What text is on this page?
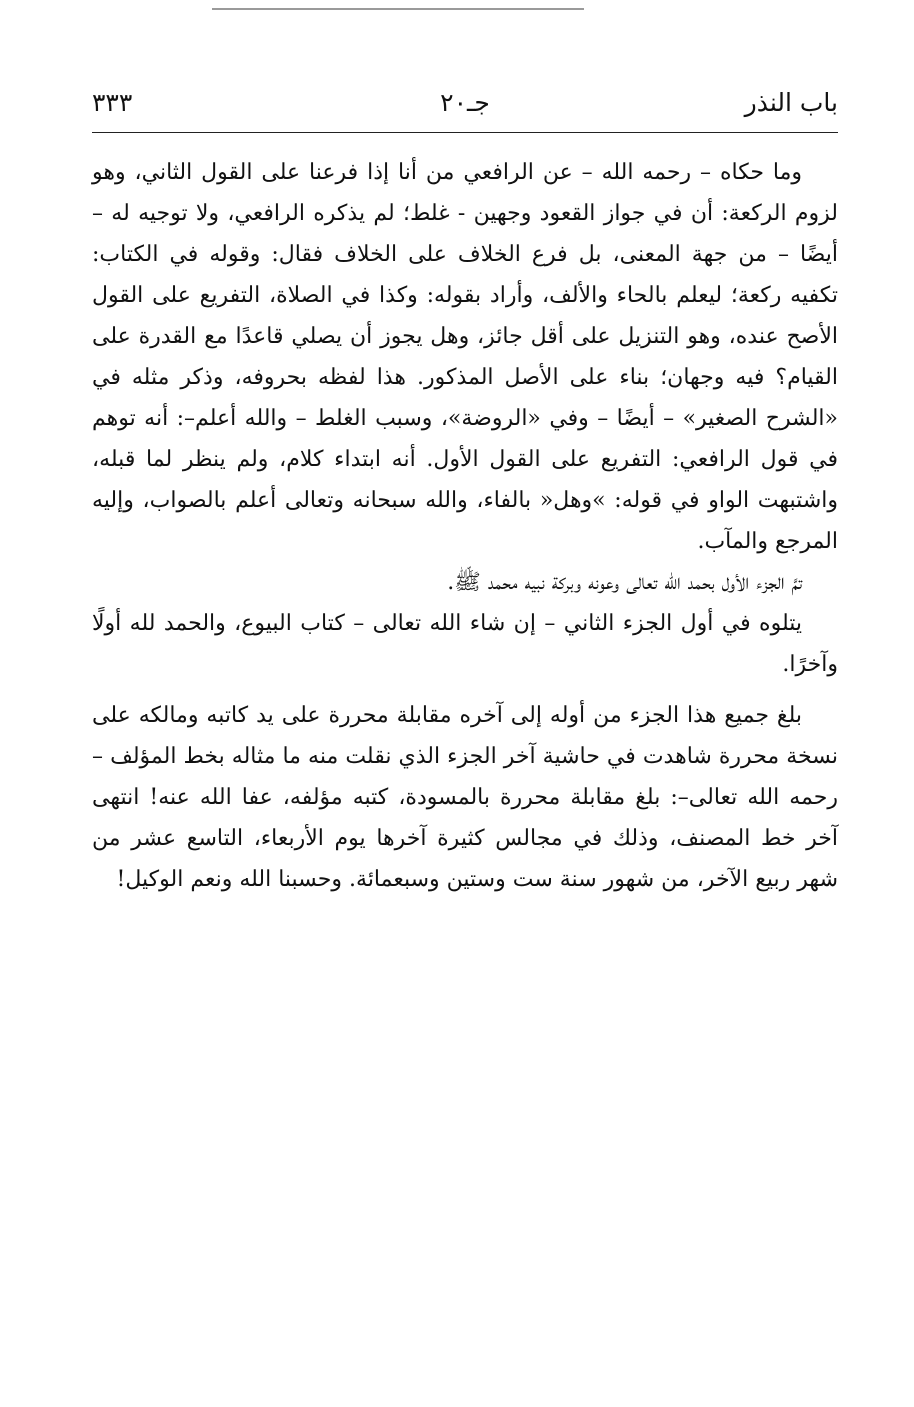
باب النذر
جـ٢٠
٣٣٣

وما حكاه – رحمه الله – عن الرافعي من أنا إذا فرعنا على القول الثاني، وهو لزوم الركعة: أن في جواز القعود وجهين - غلط؛ لم يذكره الرافعي، ولا توجيه له – أيضًا – من جهة المعنى، بل فرع الخلاف على الخلاف فقال: وقوله في الكتاب: تكفيه ركعة؛ ليعلم بالحاء والألف، وأراد بقوله: وكذا في الصلاة، التفريع على القول الأصح عنده، وهو التنزيل على أقل جائز، وهل يجوز أن يصلي قاعدًا مع القدرة على القيام؟ فيه وجهان؛ بناء على الأصل المذكور. هذا لفظه بحروفه، وذكر مثله في «الشرح الصغير» – أيضًا – وفي «الروضة»، وسبب الغلط – والله أعلم–: أنه توهم في قول الرافعي: التفريع على القول الأول. أنه ابتداء كلام، ولم ينظر لما قبله، واشتبهت الواو في قوله: »وهل« بالفاء، والله سبحانه وتعالى أعلم بالصواب، وإليه المرجع والمآب.

تمَّ الجزء الأول بحمد الله تعالى وعونه وبركة نبيه محمد ﷺ.

يتلوه في أول الجزء الثاني – إن شاء الله تعالى – كتاب البيوع، والحمد لله أولًا وآخرًا.

بلغ جميع هذا الجزء من أوله إلى آخره مقابلة محررة على يد كاتبه ومالكه على نسخة محررة شاهدت في حاشية آخر الجزء الذي نقلت منه ما مثاله بخط المؤلف – رحمه الله تعالى–: بلغ مقابلة محررة بالمسودة، كتبه مؤلفه، عفا الله عنه! انتهى آخر خط المصنف، وذلك في مجالس كثيرة آخرها يوم الأربعاء، التاسع عشر من شهر ربيع الآخر، من شهور سنة ست وستين وسبعمائة. وحسبنا الله ونعم الوكيل!
